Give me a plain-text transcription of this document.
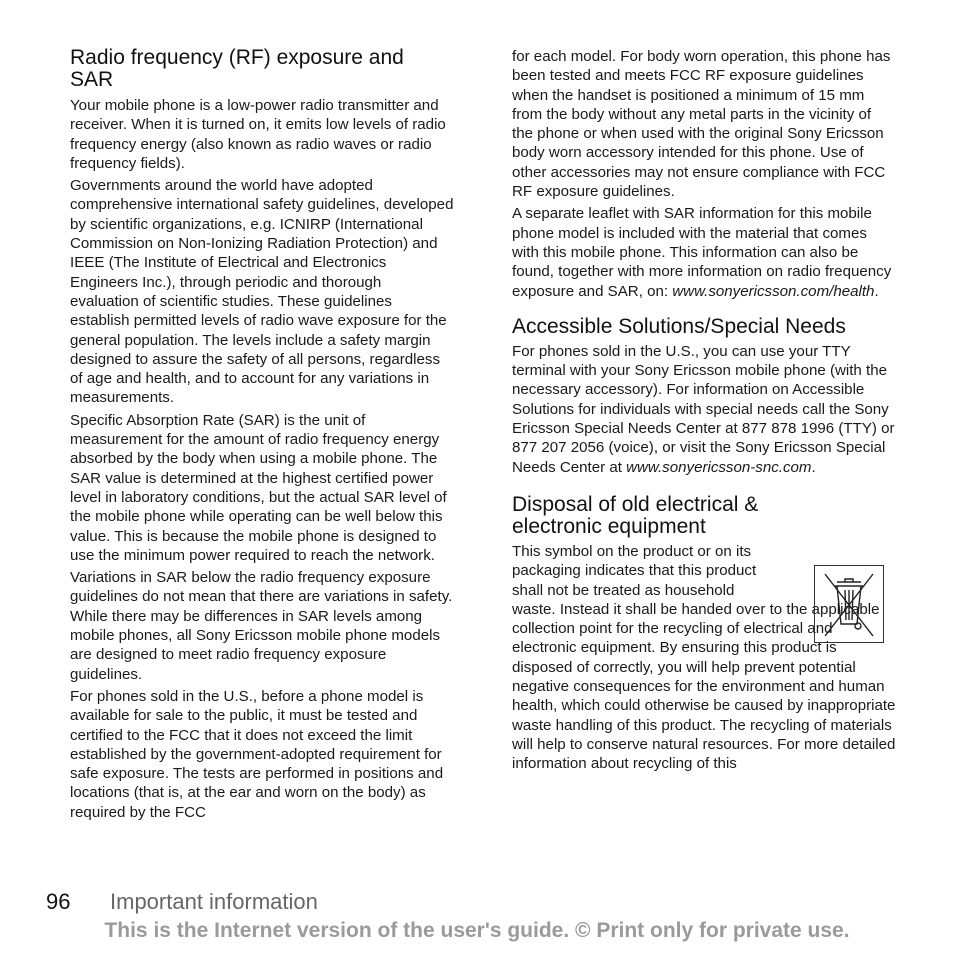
Radio frequency (RF) exposure and SAR

Your mobile phone is a low-power radio transmitter and receiver. When it is turned on, it emits low levels of radio frequency energy (also known as radio waves or radio frequency fields).

Governments around the world have adopted comprehensive international safety guidelines, developed by scientific organizations, e.g. ICNIRP (International Commission on Non-Ionizing Radiation Protection) and IEEE (The Institute of Electrical and Electronics Engineers Inc.), through periodic and thorough evaluation of scientific studies. These guidelines establish permitted levels of radio wave exposure for the general population. The levels include a safety margin designed to assure the safety of all persons, regardless of age and health, and to account for any variations in measurements.

Specific Absorption Rate (SAR) is the unit of measurement for the amount of radio frequency energy absorbed by the body when using a mobile phone. The SAR value is determined at the highest certified power level in laboratory conditions, but the actual SAR level of the mobile phone while operating can be well below this value. This is because the mobile phone is designed to use the minimum power required to reach the network.

Variations in SAR below the radio frequency exposure guidelines do not mean that there are variations in safety. While there may be differences in SAR levels among mobile phones, all Sony Ericsson mobile phone models are designed to meet radio frequency exposure guidelines.

For phones sold in the U.S., before a phone model is available for sale to the public, it must be tested and certified to the FCC that it does not exceed the limit established by the government-adopted requirement for safe exposure. The tests are performed in positions and locations (that is, at the ear and worn on the body) as required by the FCC

for each model. For body worn operation, this phone has been tested and meets FCC RF exposure guidelines when the handset is positioned a minimum of 15 mm from the body without any metal parts in the vicinity of the phone or when used with the original Sony Ericsson body worn accessory intended for this phone. Use of other accessories may not ensure compliance with FCC RF exposure guidelines.

A separate leaflet with SAR information for this mobile phone model is included with the material that comes with this mobile phone. This information can also be found, together with more information on radio frequency exposure and SAR, on: www.sonyericsson.com/health.

Accessible Solutions/Special Needs

For phones sold in the U.S., you can use your TTY terminal with your Sony Ericsson mobile phone (with the necessary accessory). For information on Accessible Solutions for individuals with special needs call the Sony Ericsson Special Needs Center at 877 878 1996 (TTY) or 877 207 2056 (voice), or visit the Sony Ericsson Special Needs Center at www.sonyericsson-snc.com.

Disposal of old electrical & electronic equipment

This symbol on the product or on its
packaging indicates that this product
shall not be treated as household
waste. Instead it shall be handed over to the applicable collection point for the recycling of electrical and electronic equipment. By ensuring this product is disposed of correctly, you will help prevent potential negative consequences for the environment and human health, which could otherwise be caused by inappropriate waste handling of this product. The recycling of materials will help to conserve natural resources. For more detailed information about recycling of this

96 Important information
This is the Internet version of the user's guide. © Print only for private use.
